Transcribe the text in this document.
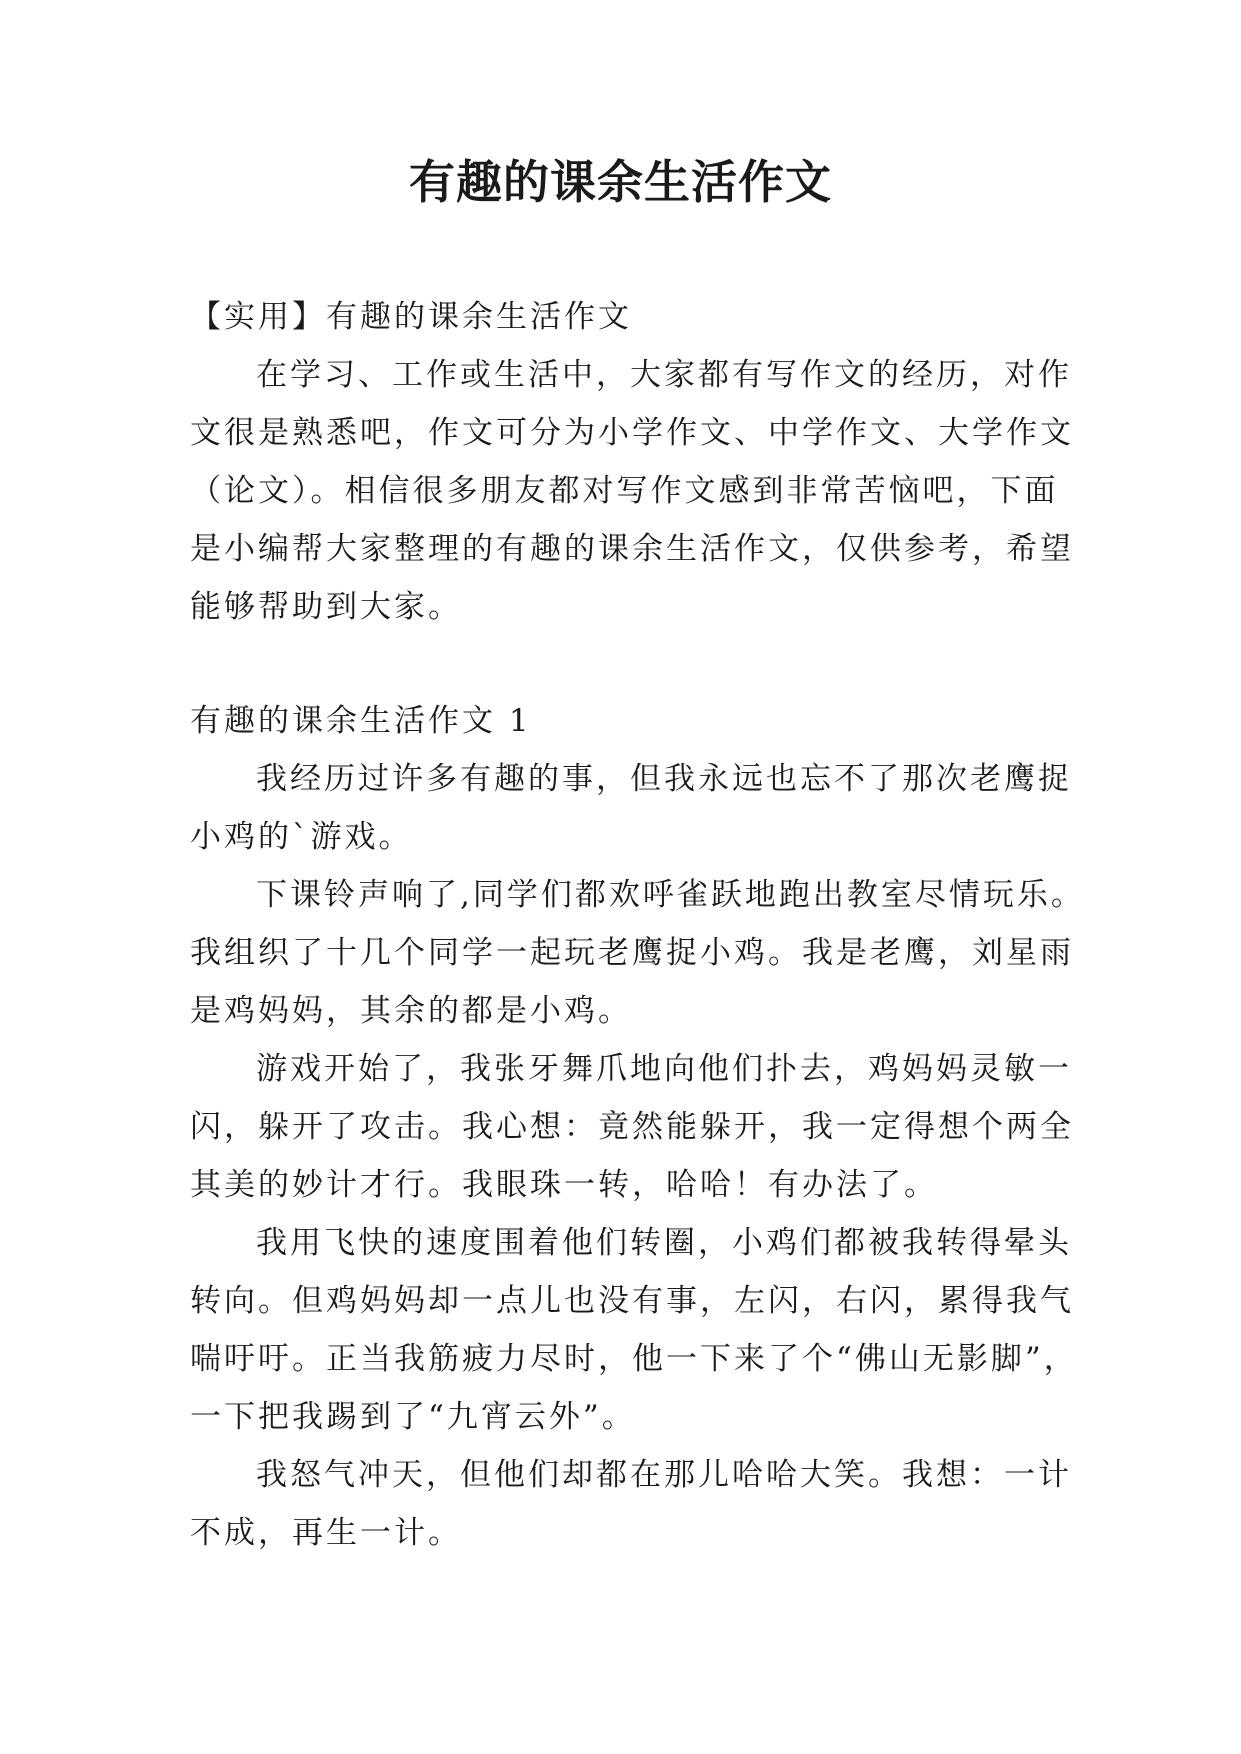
有趣的课余生活作文
【实用】有趣的课余生活作文
在学习、工作或生活中，大家都有写作文的经历，对作
文很是熟悉吧，作文可分为小学作文、中学作文、大学作文
（论文）。相信很多朋友都对写作文感到非常苦恼吧，下面
是小编帮大家整理的有趣的课余生活作文，仅供参考，希望
能够帮助到大家。
有趣的课余生活作文 1
我经历过许多有趣的事，但我永远也忘不了那次老鹰捉
小鸡的`游戏。
下课铃声响了,同学们都欢呼雀跃地跑出教室尽情玩乐。
我组织了十几个同学一起玩老鹰捉小鸡。我是老鹰，刘星雨
是鸡妈妈，其余的都是小鸡。
游戏开始了，我张牙舞爪地向他们扑去，鸡妈妈灵敏一
闪，躲开了攻击。我心想：竟然能躲开，我一定得想个两全
其美的妙计才行。我眼珠一转，哈哈！有办法了。
我用飞快的速度围着他们转圈，小鸡们都被我转得晕头
转向。但鸡妈妈却一点儿也没有事，左闪，右闪，累得我气
喘吁吁。正当我筋疲力尽时，他一下来了个“佛山无影脚”，
一下把我踢到了“九宵云外”。
我怒气冲天，但他们却都在那儿哈哈大笑。我想：一计
不成，再生一计。
